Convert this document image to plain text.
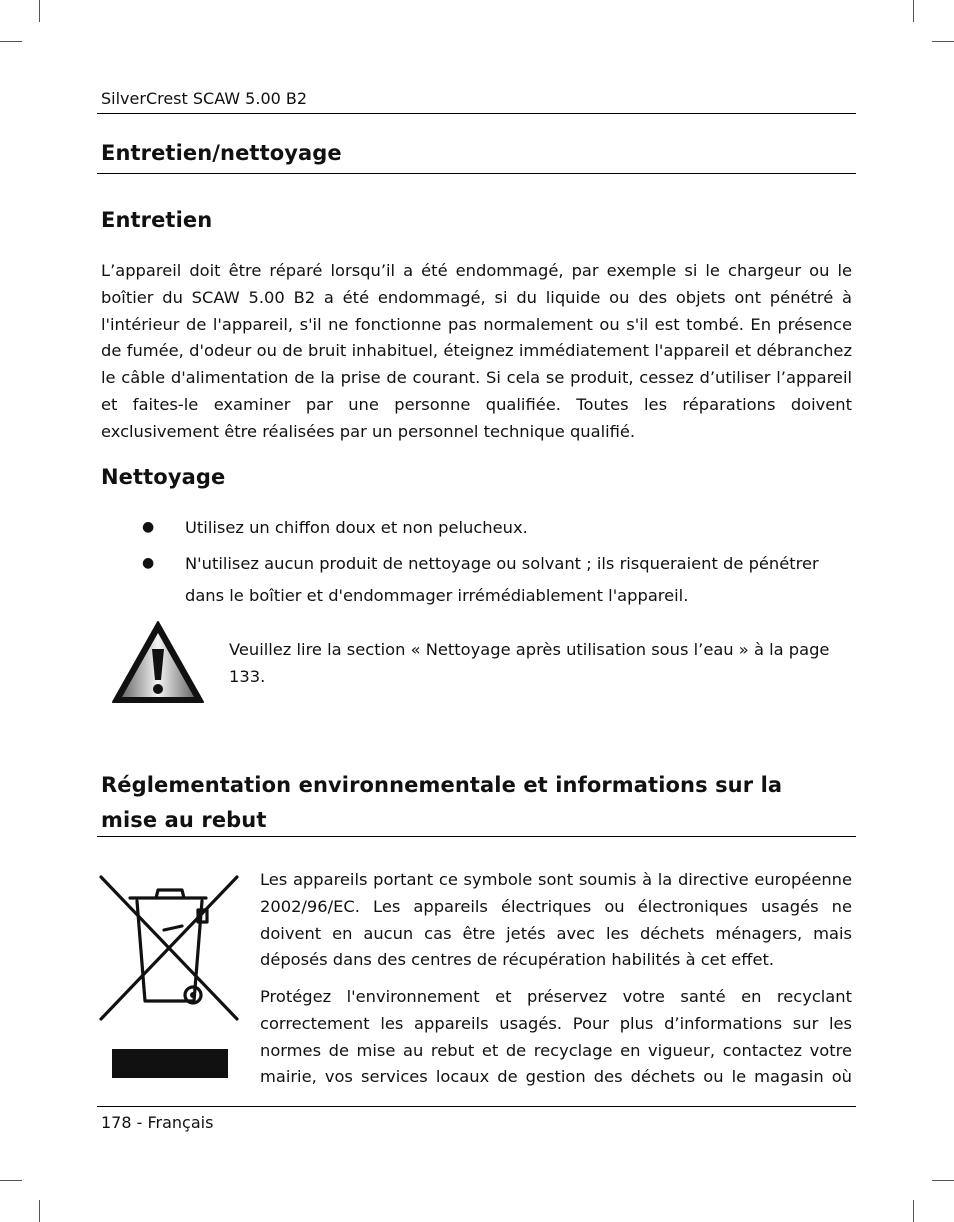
SilverCrest SCAW 5.00 B2
Entretien/nettoyage
Entretien
L’appareil doit être réparé lorsqu’il a été endommagé, par exemple si le chargeur ou le boîtier du SCAW 5.00 B2 a été endommagé, si du liquide ou des objets ont pénétré à l'intérieur de l'appareil, s'il ne fonctionne pas normalement ou s'il est tombé. En présence de fumée, d'odeur ou de bruit inhabituel, éteignez immédiatement l'appareil et débranchez le câble d'alimentation de la prise de courant. Si cela se produit, cessez d’utiliser l’appareil et faites-le examiner par une personne qualifiée. Toutes les réparations doivent exclusivement être réalisées par un personnel technique qualifié.
Nettoyage
● Utilisez un chiffon doux et non pelucheux.
● N'utilisez aucun produit de nettoyage ou solvant ; ils risqueraient de pénétrer dans le boîtier et d'endommager irrémédiablement l'appareil.
Veuillez lire la section « Nettoyage après utilisation sous l’eau » à la page 133.
Réglementation environnementale et informations sur la mise au rebut
Les appareils portant ce symbole sont soumis à la directive européenne 2002/96/EC. Les appareils électriques ou électroniques usagés ne doivent en aucun cas être jetés avec les déchets ménagers, mais déposés dans des centres de récupération habilités à cet effet.
Protégez l'environnement et préservez votre santé en recyclant correctement les appareils usagés. Pour plus d’informations sur les normes de mise au rebut et de recyclage en vigueur, contactez votre mairie, vos services locaux de gestion des déchets ou le magasin où
178 - Français
